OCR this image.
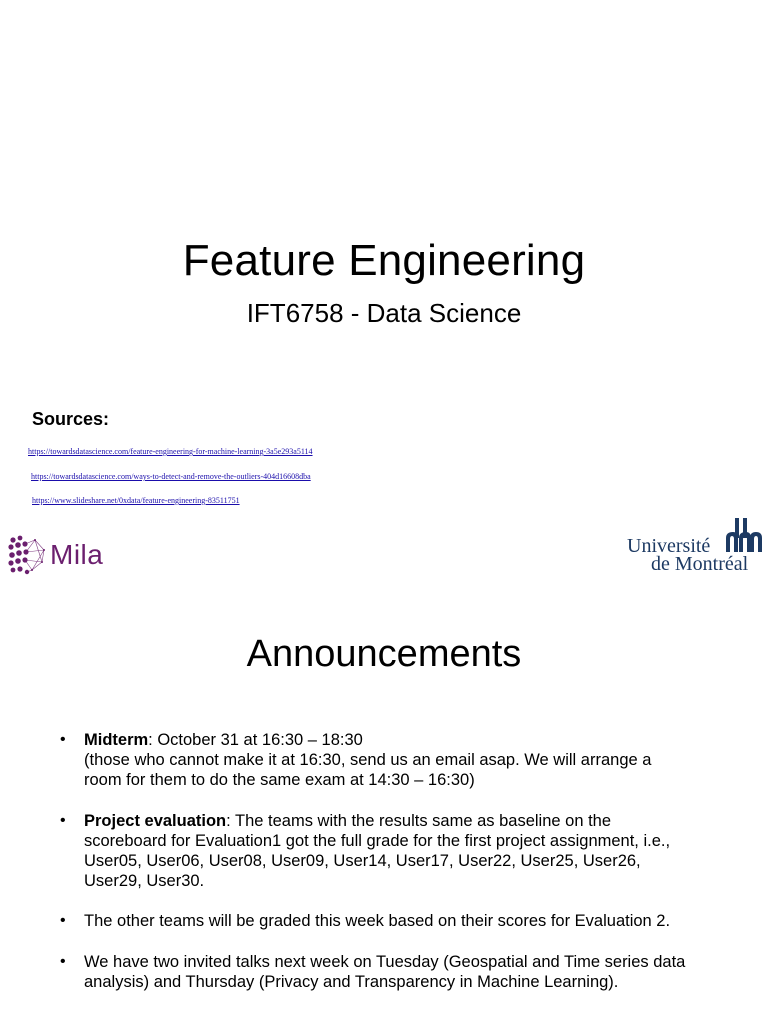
Feature Engineering
IFT6758 - Data Science
Sources:
https://towardsdatascience.com/feature-engineering-for-machine-learning-3a5e293a5114
https://towardsdatascience.com/ways-to-detect-and-remove-the-outliers-404d16608dba
https://www.slideshare.net/0xdata/feature-engineering-83511751
Mila	Université
de Montréal
Announcements
• Midterm: October 31 at 16:30 – 18:30
(those who cannot make it at 16:30, send us an email asap. We will arrange a
room for them to do the same exam at 14:30 – 16:30)
• Project evaluation: The teams with the results same as baseline on the
scoreboard for Evaluation1 got the full grade for the first project assignment, i.e.,
User05, User06, User08, User09, User14, User17, User22, User25, User26,
User29, User30.
• The other teams will be graded this week based on their scores for Evaluation 2.
• We have two invited talks next week on Tuesday (Geospatial and Time series data
analysis) and Thursday (Privacy and Transparency in Machine Learning).
